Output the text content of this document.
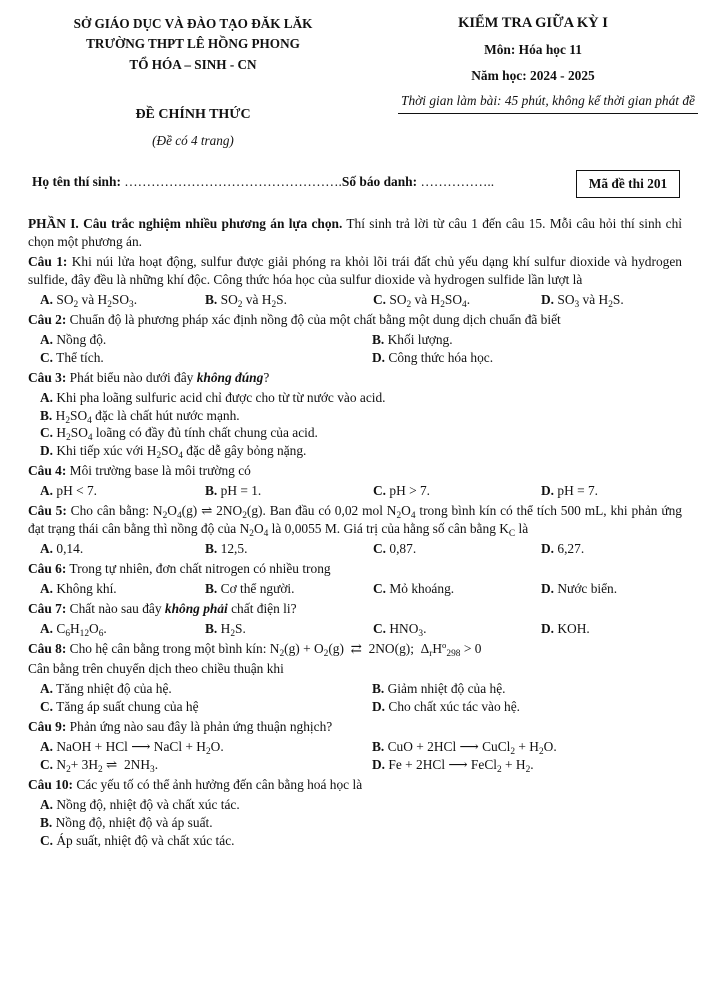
SỞ GIÁO DỤC VÀ ĐÀO TẠO ĐĂK LĂK
TRƯỜNG THPT LÊ HỒNG PHONG
TỔ HÓA – SINH - CN
ĐỀ CHÍNH THỨC
(Đề có 4 trang)
KIỂM TRA GIỮA KỲ I
Môn: Hóa học 11
Năm học: 2024 - 2025
Thời gian làm bài: 45 phút, không kể thời gian phát đề
Họ tên thí sinh: ………………………………………….Số báo danh: ……………..	Mã đề thi 201
PHẦN I. Câu trắc nghiệm nhiều phương án lựa chọn. Thí sinh trả lời từ câu 1 đến câu 15. Mỗi câu hỏi thí sinh chỉ chọn một phương án.
Câu 1: Khi núi lửa hoạt động, sulfur được giải phóng ra khỏi lõi trái đất chủ yếu dạng khí sulfur dioxide và hydrogen sulfide, đây đều là những khí độc. Công thức hóa học của sulfur dioxide và hydrogen sulfide lần lượt là
A. $SO_2$ và $H_2SO_3$.	B. $SO_2$ và $H_2S$.	C. $SO_2$ và $H_2SO_4$.	D. $SO_3$ và $H_2S$.
Câu 2: Chuẩn độ là phương pháp xác định nồng độ của một chất bằng một dung dịch chuẩn đã biết
A. Nồng độ.	B. Khối lượng.
C. Thể tích.	D. Công thức hóa học.
Câu 3: Phát biểu nào dưới đây không đúng?
A. Khi pha loãng sulfuric acid chỉ được cho từ từ nước vào acid.
B. $H_2SO_4$ đặc là chất hút nước mạnh.
C. $H_2SO_4$ loãng có đầy đủ tính chất chung của acid.
D. Khi tiếp xúc với $H_2SO_4$ đặc dễ gây bỏng nặng.
Câu 4: Môi trường base là môi trường có
A. pH < 7.	B. pH = 1.	C. pH > 7.	D. pH = 7.
Câu 5: Cho cân bằng: $N_2O_4(g)$ ⇌ $2NO_2(g)$. Ban đầu có 0,02 mol $N_2O_4$ trong bình kín có thể tích 500 mL, khi phản ứng đạt trạng thái cân bằng thì nồng độ của $N_2O_4$ là 0,0055 M. Giá trị của hằng số cân bằng $K_C$ là
A. 0,14.	B. 12,5.	C. 0,87.	D. 6,27.
Câu 6: Trong tự nhiên, đơn chất nitrogen có nhiều trong
A. Không khí.	B. Cơ thể người.	C. Mỏ khoáng.	D. Nước biển.
Câu 7: Chất nào sau đây không phải chất điện li?
A. $C_6H_{12}O_6$.	B. $H_2S$.	C. $HNO_3$.	D. KOH.
Câu 8: Cho hệ cân bằng trong một bình kín: $N_2(g) + O_2(g)$  ⇄  2NO(g);  $\Delta_rH^o_{298} > 0$
Cân bằng trên chuyển dịch theo chiều thuận khi
A. Tăng nhiệt độ của hệ.	B. Giảm nhiệt độ của hệ.
C. Tăng áp suất chung của hệ	D. Cho chất xúc tác vào hệ.
Câu 9: Phản ứng nào sau đây là phản ứng thuận nghịch?
A. NaOH + HCl ⟶ NaCl + $H_2O$.	B. CuO + 2HCl ⟶ CuCl$_2$ + $H_2O$.
C. $N_2+ 3H_2$ ⇌  $2NH_3$.	D. Fe + 2HCl ⟶ FeCl$_2$ + $H_2$.
Câu 10: Các yếu tố có thể ảnh hưởng đến cân bằng hoá học là
A. Nồng độ, nhiệt độ và chất xúc tác.
B. Nồng độ, nhiệt độ và áp suất.
C. Áp suất, nhiệt độ và chất xúc tác.
